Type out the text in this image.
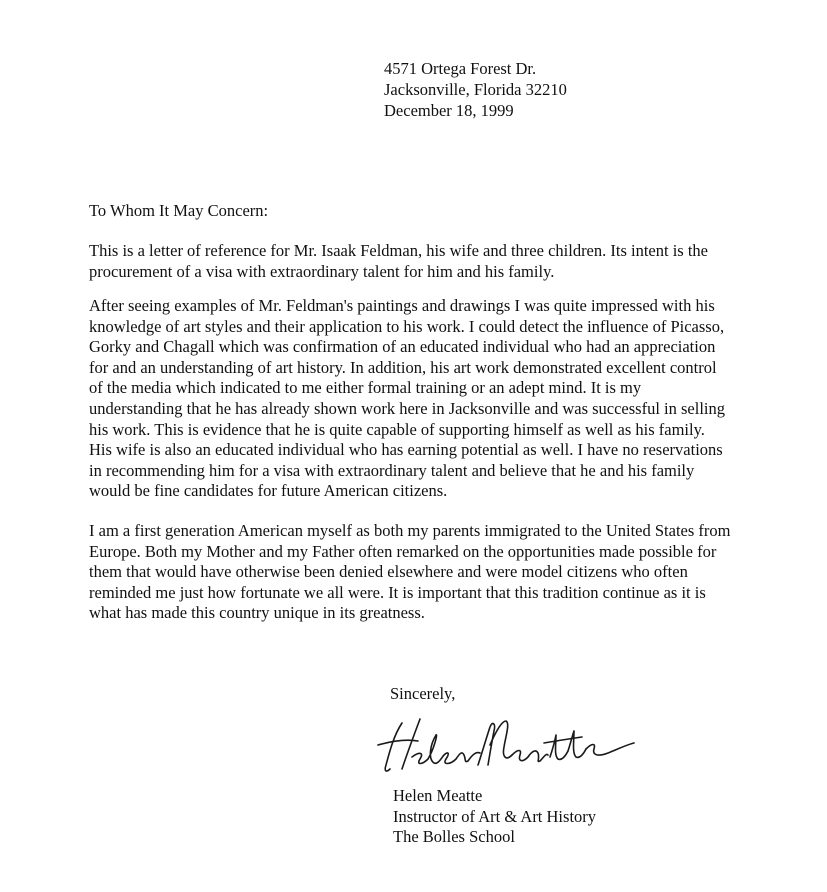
4571 Ortega Forest Dr.
Jacksonville, Florida 32210
December 18, 1999
To Whom It May Concern:
This is a letter of reference for Mr. Isaak Feldman, his wife and three children. Its intent is the
procurement of a visa with extraordinary talent for him and his family.
After seeing examples of Mr. Feldman's paintings and drawings I was quite impressed with his
knowledge of art styles and their application to his work. I could detect the influence of Picasso,
Gorky and Chagall which was confirmation of an educated individual who had an appreciation
for and an understanding of art history. In addition, his art work demonstrated excellent control
of the media which indicated to me either formal training or an adept mind. It is my
understanding that he has already shown work here in Jacksonville and was successful in selling
his work. This is evidence that he is quite capable of supporting himself as well as his family.
His wife is also an educated individual who has earning potential as well. I have no reservations
in recommending him for a visa with extraordinary talent and believe that he and his family
would be fine candidates for future American citizens.
I am a first generation American myself as both my parents immigrated to the United States from
Europe. Both my Mother and my Father often remarked on the opportunities made possible for
them that would have otherwise been denied elsewhere and were model citizens who often
reminded me just how fortunate we all were. It is important that this tradition continue as it is
what has made this country unique in its greatness.
Sincerely,
Helen Meatte
Instructor of Art & Art History
The Bolles School
